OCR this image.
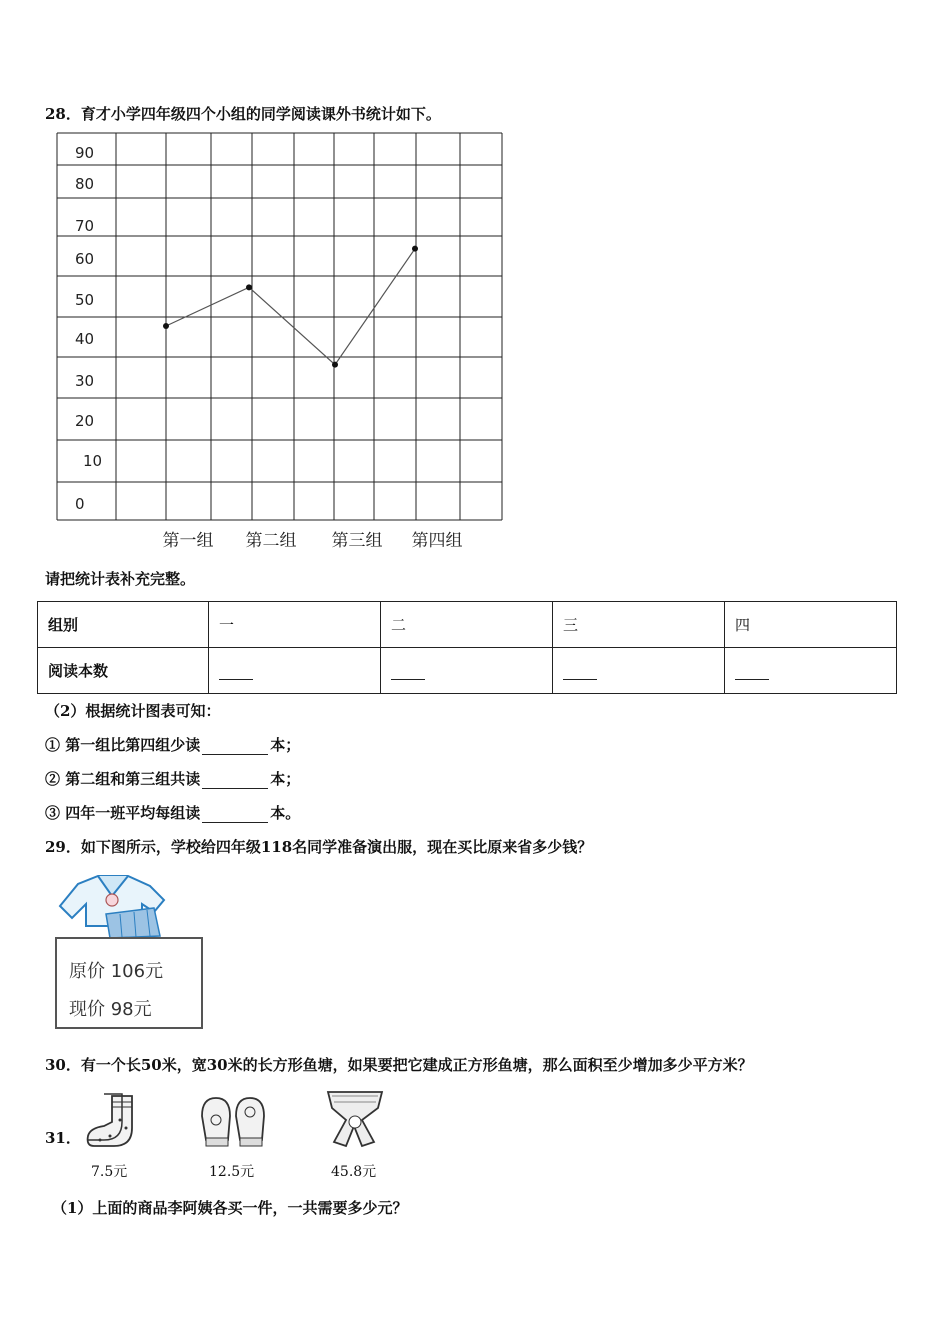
28．育才小学四年级四个小组的同学阅读课外书统计如下。
0
10
20
30
40
50
60
70
80
90
第一组 第二组 第三组 第四组
请把统计表补充完整。
组别	一	二	三	四
阅读本数				
（2）根据统计图表可知：
① 第一组比第四组少读	本；
② 第二组和第三组共读	本；
③ 四年一班平均每组读	本。
29．如下图所示，学校给四年级118名同学准备演出服，现在买比原来省多少钱？
原价 106元
现价 98元
30．有一个长50米，宽30米的长方形鱼塘，如果要把它建成正方形鱼塘，那么面积至少增加多少平方米？
31．
7.5元	12.5元	45.8元
（1）上面的商品李阿姨各买一件，一共需要多少元？
